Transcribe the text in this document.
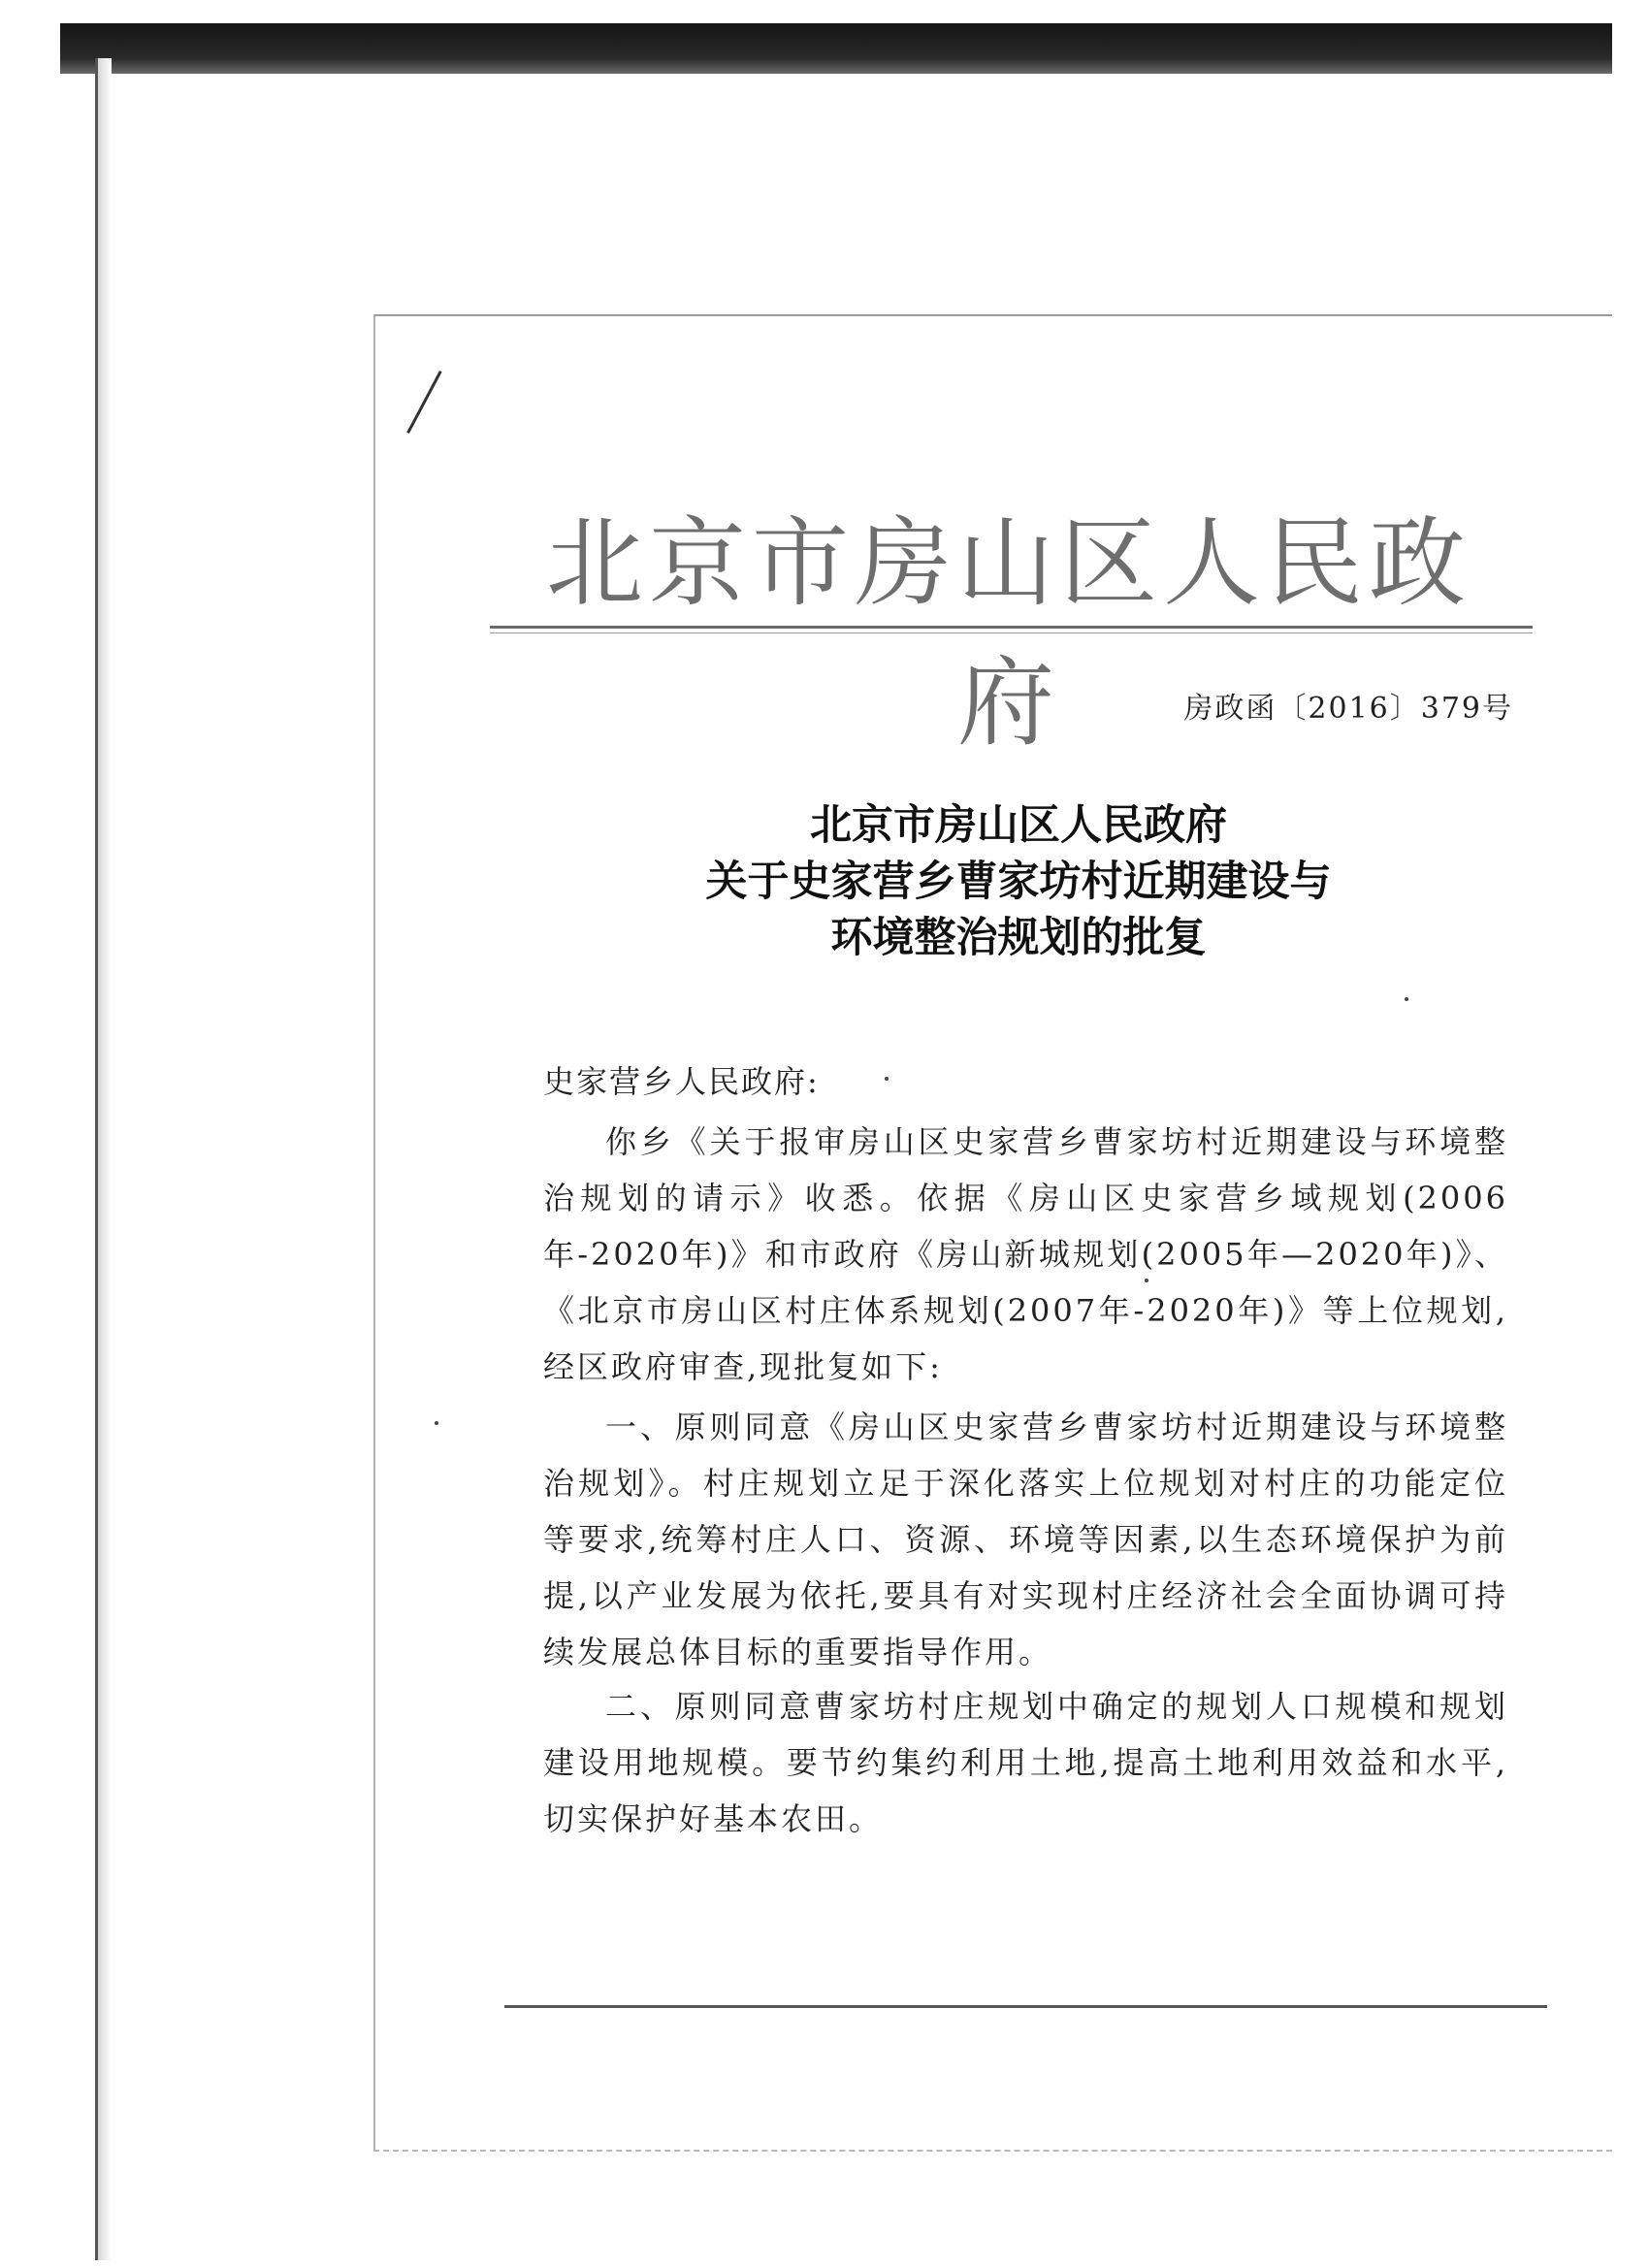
北京市房山区人民政府	房政函〔2016〕379号
北京市房山区人民政府
关于史家营乡曹家坊村近期建设与
环境整治规划的批复
史家营乡人民政府:

你乡《关于报审房山区史家营乡曹家坊村近期建设与环境整治规划的请示》收悉。依据《房山区史家营乡域规划(2006年-2020年)》和市政府《房山新城规划(2005年—2020年)》、《北京市房山区村庄体系规划(2007年-2020年)》等上位规划,经区政府审查,现批复如下:

一、原则同意《房山区史家营乡曹家坊村近期建设与环境整治规划》。村庄规划立足于深化落实上位规划对村庄的功能定位等要求,统筹村庄人口、资源、环境等因素,以生态环境保护为前提,以产业发展为依托,要具有对实现村庄经济社会全面协调可持续发展总体目标的重要指导作用。

二、原则同意曹家坊村庄规划中确定的规划人口规模和规划建设用地规模。要节约集约利用土地,提高土地利用效益和水平,切实保护好基本农田。
